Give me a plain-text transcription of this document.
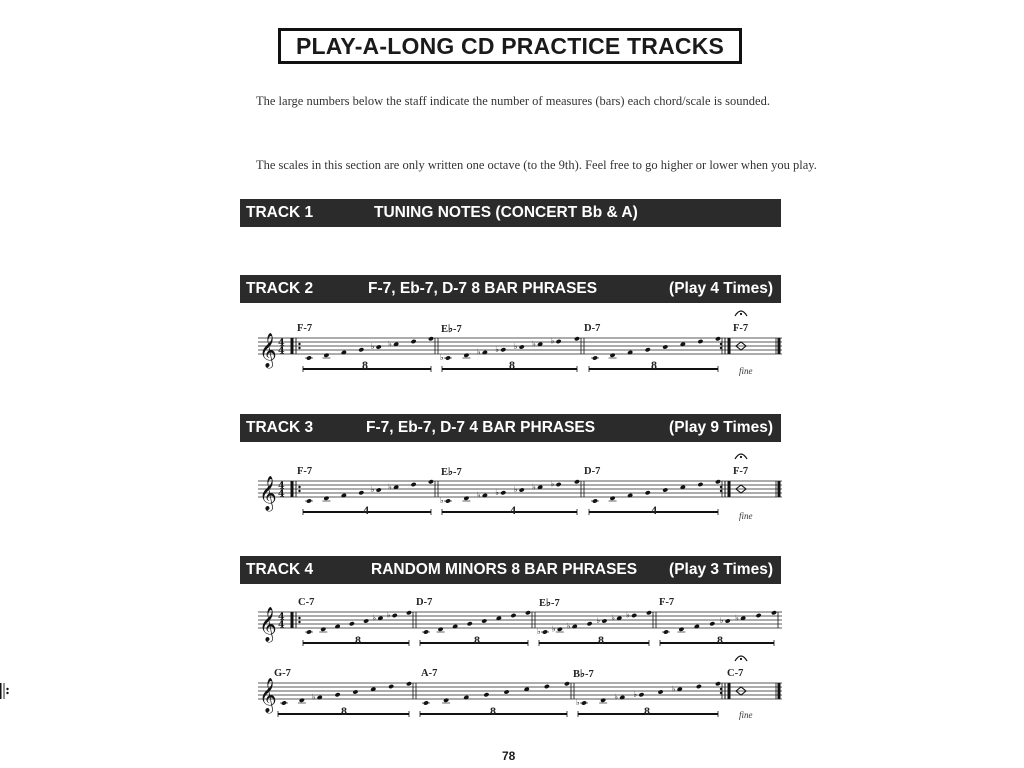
PLAY-A-LONG CD PRACTICE TRACKS
The large numbers below the staff indicate the number of measures (bars) each chord/scale is sounded.
The scales in this section are only written one octave (to the 9th). Feel free to go higher or lower when you play.
TRACK 1	TUNING NOTES (CONCERT Bb & A)
TRACK 2	F-7, Eb-7, D-7 8 BAR PHRASES	(Play 4 Times)
TRACK 3	F-7, Eb-7, D-7 4 BAR PHRASES	(Play 9 Times)
TRACK 4	RANDOM MINORS 8 BAR PHRASES (Play 3 Times)
𝄞 4
4	♭ ♭
♭
♭ ♭ ♭ ♭ ♭
𝄞 4
4	♭ ♭
♭
♭ ♭ ♭ ♭ ♭
𝄞 4
4
♭ ♭
♭ ♭ ♭
♭ ♭ ♭
♭ ♭
𝄞	♭
♭
♭ ♭
♭
F-7	E♭-7	D-7	F-7
8	8	8	fine
F-7	E♭-7	D-7	F-7
4	4	4	fine
C-7	D-7	E♭-7	F-7
8	8	8	8
G-7	A-7	B♭-7	C-7
8	8	8	fine
78
